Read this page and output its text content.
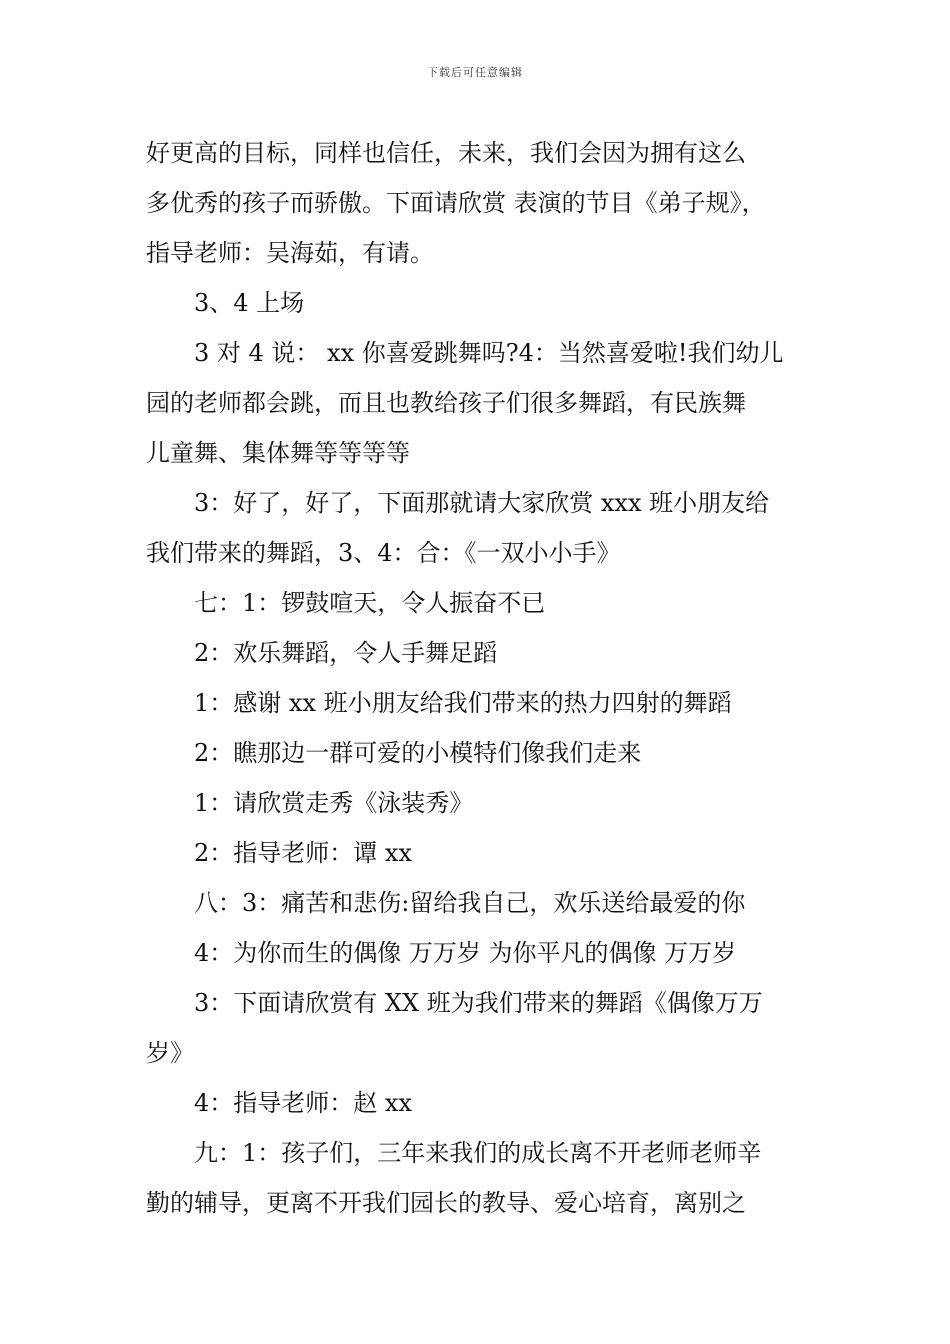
下载后可任意编辑
好更高的目标，同样也信任，未来，我们会因为拥有这么
多优秀的孩子而骄傲。下面请欣赏 表演的节目《弟子规》，
指导老师：吴海茹，有请。
3、4 上场
3 对 4 说： xx 你喜爱跳舞吗?4：当然喜爱啦!我们幼儿
园的老师都会跳，而且也教给孩子们很多舞蹈，有民族舞
儿童舞、集体舞等等等等
3：好了，好了，下面那就请大家欣赏 xxx 班小朋友给
我们带来的舞蹈，3、4：合：《一双小小手》
七：1：锣鼓喧天，令人振奋不已
2：欢乐舞蹈，令人手舞足蹈
1：感谢 xx 班小朋友给我们带来的热力四射的舞蹈
2：瞧那边一群可爱的小模特们像我们走来
1：请欣赏走秀《泳装秀》
2：指导老师：谭 xx
八：3：痛苦和悲伤:留给我自己，欢乐送给最爱的你
4：为你而生的偶像 万万岁 为你平凡的偶像 万万岁
3：下面请欣赏有 XX 班为我们带来的舞蹈《偶像万万
岁》
4：指导老师：赵 xx
九：1：孩子们，三年来我们的成长离不开老师老师辛
勤的辅导，更离不开我们园长的教导、爱心培育，离别之
